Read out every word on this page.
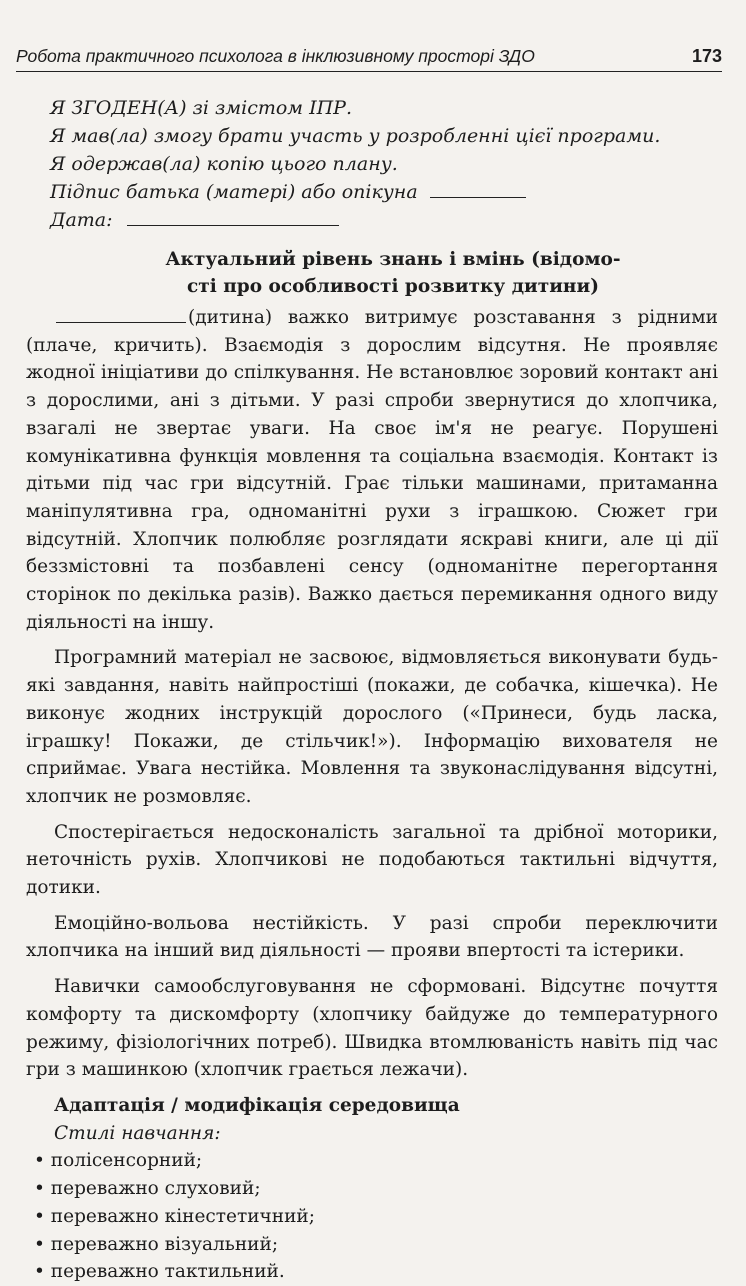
Робота практичного психолога в інклюзивному просторі ЗДО	173
Я ЗГОДЕН(А) зі змістом ІПР.
Я мав(ла) змогу брати участь у розробленні цієї програми.
Я одержав(ла) копію цього плану.
Підпис батька (матері) або опікуна
Дата:
Актуальний рівень знань і вмінь (відомо-
сті про особливості розвитку дитини)

(дитина) важко витримує розставання з рідними (плаче, кричить). Взаємодія з дорослим відсутня. Не проявляє жодної ініціативи до спілкування. Не встановлює зоровий контакт ані з дорослими, ані з дітьми. У разі спроби звернутися до хлопчика, взагалі не звертає уваги. На своє ім'я не реагує. Порушені комунікативна функція мовлення та соціальна взаємодія. Контакт із дітьми під час гри відсутній. Грає тільки машинами, притаманна маніпулятивна гра, одноманітні рухи з іграшкою. Сюжет гри відсутній. Хлопчик полюбляє розглядати яскраві книги, але ці дії беззмістовні та позбавлені сенсу (одноманітне перегортання сторінок по декілька разів). Важко дається перемикання одного виду діяльності на іншу.

Програмний матеріал не засвоює, відмовляється виконувати будь-які завдання, навіть найпростіші (покажи, де собачка, кішечка). Не виконує жодних інструкцій дорослого («Принеси, будь ласка, іграшку! Покажи, де стільчик!»). Інформацію вихователя не сприймає. Увага нестійка. Мовлення та звуконаслідування відсутні, хлопчик не розмовляє.

Спостерігається недосконалість загальної та дрібної моторики, неточність рухів. Хлопчикові не подобаються тактильні відчуття, дотики.

Емоційно-вольова нестійкість. У разі спроби переключити хлопчика на інший вид діяльності — прояви впертості та істерики.

Навички самообслуговування не сформовані. Відсутнє почуття комфорту та дискомфорту (хлопчику байдуже до температурного режиму, фізіологічних потреб). Швидка втомлюваність навіть під час гри з машинкою (хлопчик грається лежачи).

Адаптація / модифікація середовища
Стилі навчання:
• полісенсорний;
• переважно слуховий;
• переважно кінестетичний;
• переважно візуальний;
• переважно тактильний.
